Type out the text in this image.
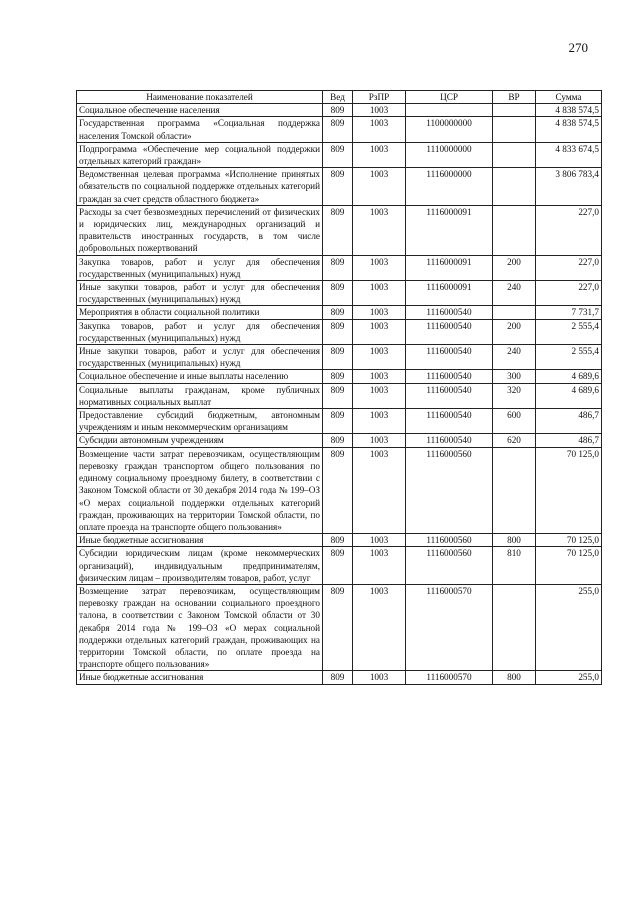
270
Наименование показателей	Вед	РзПР	ЦСР	ВР	Сумма
Социальное обеспечение населения	809	1003			4 838 574,5
Государственная программа «Социальная поддержка населения Томской области»	809	1003	1100000000		4 838 574,5
Подпрограмма «Обеспечение мер социальной поддержки отдельных категорий граждан»	809	1003	1110000000		4 833 674,5
Ведомственная целевая программа «Исполнение принятых обязательств по социальной поддержке отдельных категорий граждан за счет средств областного бюджета»	809	1003	1116000000		3 806 783,4
Расходы за счет безвозмездных перечислений от физических и юридических лиц, международных организаций и правительств иностранных государств, в том числе добровольных пожертвований	809	1003	1116000091		227,0
Закупка товаров, работ и услуг для обеспечения государственных (муниципальных) нужд	809	1003	1116000091	200	227,0
Иные закупки товаров, работ и услуг для обеспечения государственных (муниципальных) нужд	809	1003	1116000091	240	227,0
Мероприятия в области социальной политики	809	1003	1116000540		7 731,7
Закупка товаров, работ и услуг для обеспечения государственных (муниципальных) нужд	809	1003	1116000540	200	2 555,4
Иные закупки товаров, работ и услуг для обеспечения государственных (муниципальных) нужд	809	1003	1116000540	240	2 555,4
Социальное обеспечение и иные выплаты населению	809	1003	1116000540	300	4 689,6
Социальные выплаты гражданам, кроме публичных нормативных социальных выплат	809	1003	1116000540	320	4 689,6
Предоставление субсидий бюджетным, автономным учреждениям и иным некоммерческим организациям	809	1003	1116000540	600	486,7
Субсидии автономным учреждениям	809	1003	1116000540	620	486,7
Возмещение части затрат перевозчикам, осуществляющим перевозку граждан транспортом общего пользования по единому социальному проездному билету, в соответствии с Законом Томской области от 30 декабря 2014 года № 199–ОЗ «О мерах социальной поддержки отдельных категорий граждан, проживающих на территории Томской области, по оплате проезда на транспорте общего пользования»	809	1003	1116000560		70 125,0
Иные бюджетные ассигнования	809	1003	1116000560	800	70 125,0
Субсидии юридическим лицам (кроме некоммерческих организаций), индивидуальным предпринимателям, физическим лицам – производителям товаров, работ, услуг	809	1003	1116000560	810	70 125,0
Возмещение затрат перевозчикам, осуществляющим перевозку граждан на основании социального проездного талона, в соответствии с Законом Томской области от 30 декабря 2014 года № 199–ОЗ «О мерах социальной поддержки отдельных категорий граждан, проживающих на территории Томской области, по оплате проезда на транспорте общего пользования»	809	1003	1116000570		255,0
Иные бюджетные ассигнования	809	1003	1116000570	800	255,0
